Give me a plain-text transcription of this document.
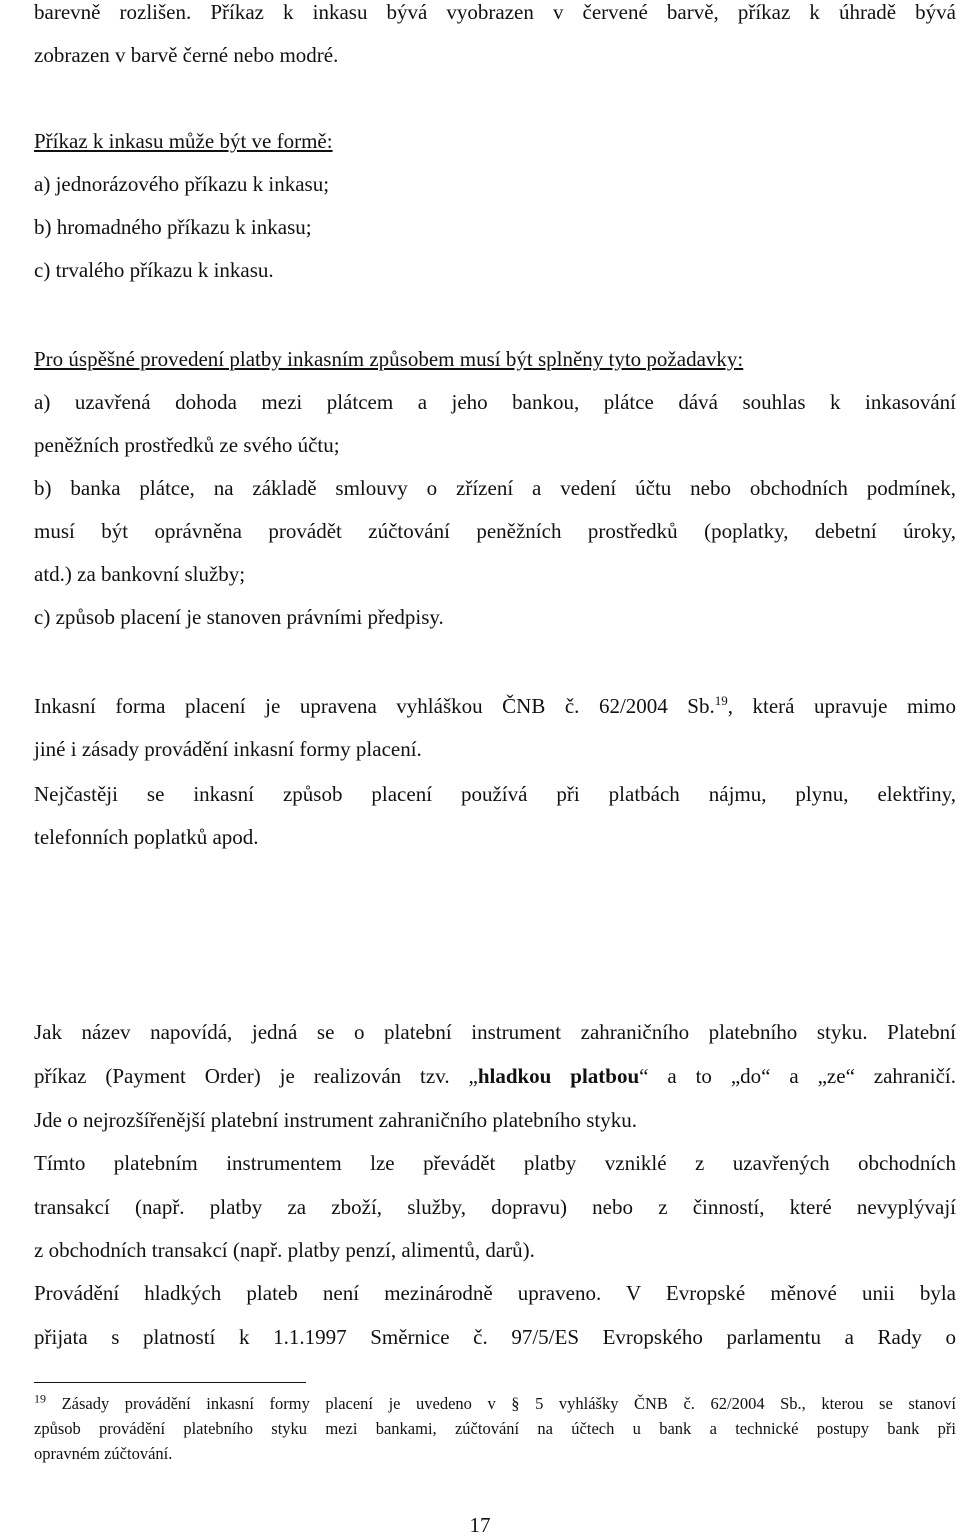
barevně rozlišen. Příkaz k inkasu bývá vyobrazen v červené barvě, příkaz k úhradě bývá
zobrazen v barvě černé nebo modré.
Příkaz k inkasu může být ve formě:
a) jednorázového příkazu k inkasu;
b) hromadného příkazu k inkasu;
c) trvalého příkazu k inkasu.
Pro úspěšné provedení platby inkasním způsobem musí být splněny tyto požadavky:
a) uzavřená dohoda mezi plátcem a jeho bankou, plátce dává souhlas k inkasování
peněžních prostředků ze svého účtu;
b) banka plátce, na základě smlouvy o zřízení a vedení účtu nebo obchodních podmínek,
musí být oprávněna provádět zúčtování peněžních prostředků (poplatky, debetní úroky,
atd.) za bankovní služby;
c) způsob placení je stanoven právními předpisy.
Inkasní forma placení je upravena vyhláškou ČNB č. 62/2004 Sb.$^{19}$, která upravuje mimo
jiné i zásady provádění inkasní formy placení.
Nejčastěji se inkasní způsob placení používá při platbách nájmu, plynu, elektřiny,
telefonních poplatků apod.
Jak název napovídá, jedná se o platební instrument zahraničního platebního styku. Platební
příkaz (Payment Order) je realizován tzv. „hladkou platbou“ a to „do“ a „ze“ zahraničí.
Jde o nejrozšířenější platební instrument zahraničního platebního styku.
Tímto platebním instrumentem lze převádět platby vzniklé z uzavřených obchodních
transakcí (např. platby za zboží, služby, dopravu) nebo z činností, které nevyplývají
z obchodních transakcí (např. platby penzí, alimentů, darů).
Provádění hladkých plateb není mezinárodně upraveno. V Evropské měnové unii byla
přijata s platností k 1.1.1997 Směrnice č. 97/5/ES Evropského parlamentu a Rady o
$^{19}$ Zásady provádění inkasní formy placení je uvedeno v § 5 vyhlášky ČNB č. 62/2004 Sb., kterou se stanoví
způsob provádění platebního styku mezi bankami, zúčtování na účtech u bank a technické postupy bank při
opravném zúčtování.
17
